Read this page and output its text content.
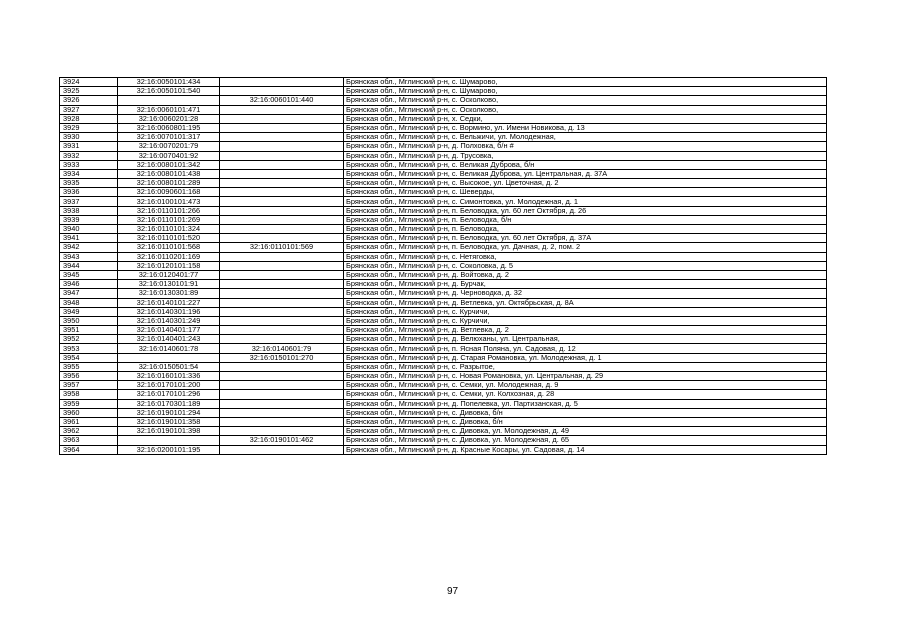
3924	32:16:0050101:434		Брянская обл., Мглинский р-н, с. Шумарово,
3925	32:16:0050101:540		Брянская обл., Мглинский р-н, с. Шумарово,
3926		32:16:0060101:440	Брянская обл., Мглинский р-н, с. Осколково,
3927	32:16:0060101:471		Брянская обл., Мглинский р-н, с. Осколково,
3928	32:16:0060201:28		Брянская обл., Мглинский р-н, х. Седки,
3929	32:16:0060801:195		Брянская обл., Мглинский р-н, с. Вормино, ул. Имени Новикова, д. 13
3930	32:16:0070101:317		Брянская обл., Мглинский р-н, с. Вельжичи, ул. Молодежная,
3931	32:16:0070201:79		Брянская обл., Мглинский р-н, д. Полховка, б/н #
3932	32:16:0070401:92		Брянская обл., Мглинский р-н, д. Трусовка,
3933	32:16:0080101:342		Брянская обл., Мглинский р-н, с. Великая Дуброва, б/н
3934	32:16:0080101:438		Брянская обл., Мглинский р-н, с. Великая Дуброва, ул. Центральная, д. 37А
3935	32:16:0080101:289		Брянская обл., Мглинский р-н, с. Высокое, ул. Цветочная, д. 2
3936	32:16:0090601:168		Брянская обл., Мглинский р-н, с. Шеверды,
3937	32:16:0100101:473		Брянская обл., Мглинский р-н, с. Симонтовка, ул. Молодежная, д. 1
3938	32:16:0110101:266		Брянская обл., Мглинский р-н, п. Беловодка, ул. 60 лет Октября, д. 26
3939	32:16:0110101:269		Брянская обл., Мглинский р-н, п. Беловодка, б/н
3940	32:16:0110101:324		Брянская обл., Мглинский р-н, п. Беловодка,
3941	32:16:0110101:520		Брянская обл., Мглинский р-н, п. Беловодка, ул. 60 лет Октября, д. 37А
3942	32:16:0110101:568	32:16:0110101:569	Брянская обл., Мглинский р-н, п. Беловодка, ул. Дачная, д. 2, пом. 2
3943	32:16:0110201:169		Брянская обл., Мглинский р-н, с. Нетяговка,
3944	32:16:0120101:158		Брянская обл., Мглинский р-н, с. Соколовка, д. 5
3945	32:16:0120401:77		Брянская обл., Мглинский р-н, д. Войтовка, д. 2
3946	32:16:0130101:91		Брянская обл., Мглинский р-н, д. Бурчак,
3947	32:16:0130301:89		Брянская обл., Мглинский р-н, д. Черноводка, д. 32
3948	32:16:0140101:227		Брянская обл., Мглинский р-н, д. Ветлевка, ул. Октябрьская, д. 8А
3949	32:16:0140301:196		Брянская обл., Мглинский р-н, с. Курчичи,
3950	32:16:0140301:249		Брянская обл., Мглинский р-н, с. Курчичи,
3951	32:16:0140401:177		Брянская обл., Мглинский р-н, д. Ветлевка, д. 2
3952	32:16:0140401:243		Брянская обл., Мглинский р-н, д. Велюханы, ул. Центральная,
3953	32:16:0140601:78	32:16:0140601:79	Брянская обл., Мглинский р-н, п. Ясная Поляна, ул. Садовая, д. 12
3954		32:16:0150101:270	Брянская обл., Мглинский р-н, д. Старая Романовка, ул. Молодежная, д. 1
3955	32:16:0150501:54		Брянская обл., Мглинский р-н, с. Разрытое,
3956	32:16:0160101:336		Брянская обл., Мглинский р-н, с. Новая Романовка, ул. Центральная, д. 29
3957	32:16:0170101:200		Брянская обл., Мглинский р-н, с. Семки, ул. Молодежная, д. 9
3958	32:16:0170101:296		Брянская обл., Мглинский р-н, с. Семки, ул. Колхозная, д. 28
3959	32:16:0170301:189		Брянская обл., Мглинский р-н, д. Попелевка, ул. Партизанская, д. 5
3960	32:16:0190101:294		Брянская обл., Мглинский р-н, с. Дивовка, б/н
3961	32:16:0190101:358		Брянская обл., Мглинский р-н, с. Дивовка, б/н
3962	32:16:0190101:398		Брянская обл., Мглинский р-н, с. Дивовка, ул. Молодежная, д. 49
3963		32:16:0190101:462	Брянская обл., Мглинский р-н, с. Дивовка, ул. Молодежная, д. 65
3964	32:16:0200101:195		Брянская обл., Мглинский р-н, д. Красные Косары, ул. Садовая, д. 14
97
